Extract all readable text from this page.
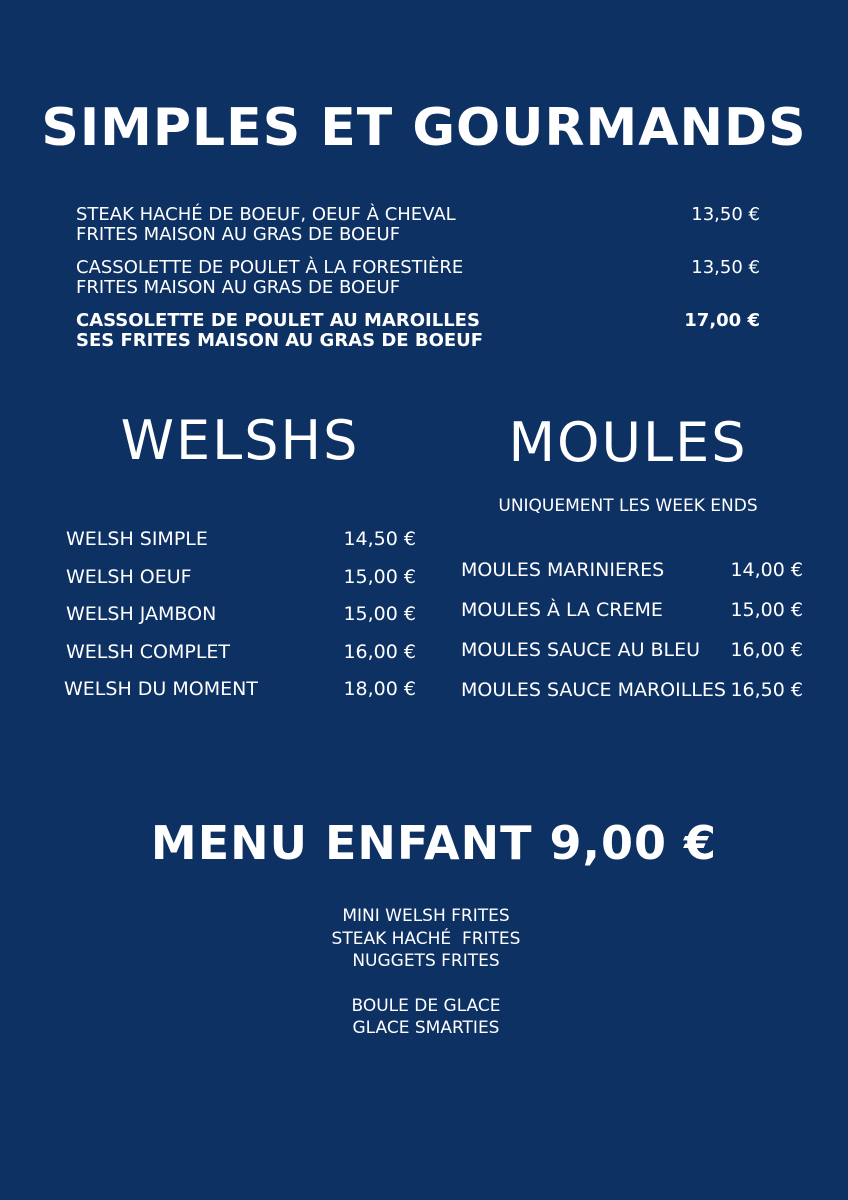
SIMPLES ET GOURMANDS
STEAK HACHÉ DE BOEUF, OEUF À CHEVAL
FRITES MAISON AU GRAS DE BOEUF
13,50 €
CASSOLETTE DE POULET À LA FORESTIÈRE
FRITES MAISON AU GRAS DE BOEUF
13,50 €
CASSOLETTE DE POULET AU MAROILLES
SES FRITES MAISON AU GRAS DE BOEUF
17,00 €
WELSHS
WELSH SIMPLE	14,50 €
WELSH OEUF	15,00 €
WELSH JAMBON	15,00 €
WELSH COMPLET	16,00 €
WELSH DU MOMENT	18,00 €
MOULES
UNIQUEMENT LES WEEK ENDS
MOULES MARINIERES	14,00 €
MOULES À LA CREME	15,00 €
MOULES SAUCE AU BLEU	16,00 €
MOULES SAUCE MAROILLES 16,50 €
MENU ENFANT 9,00 €
MINI WELSH FRITES
STEAK HACHÉ  FRITES
NUGGETS FRITES
BOULE DE GLACE
GLACE SMARTIES
